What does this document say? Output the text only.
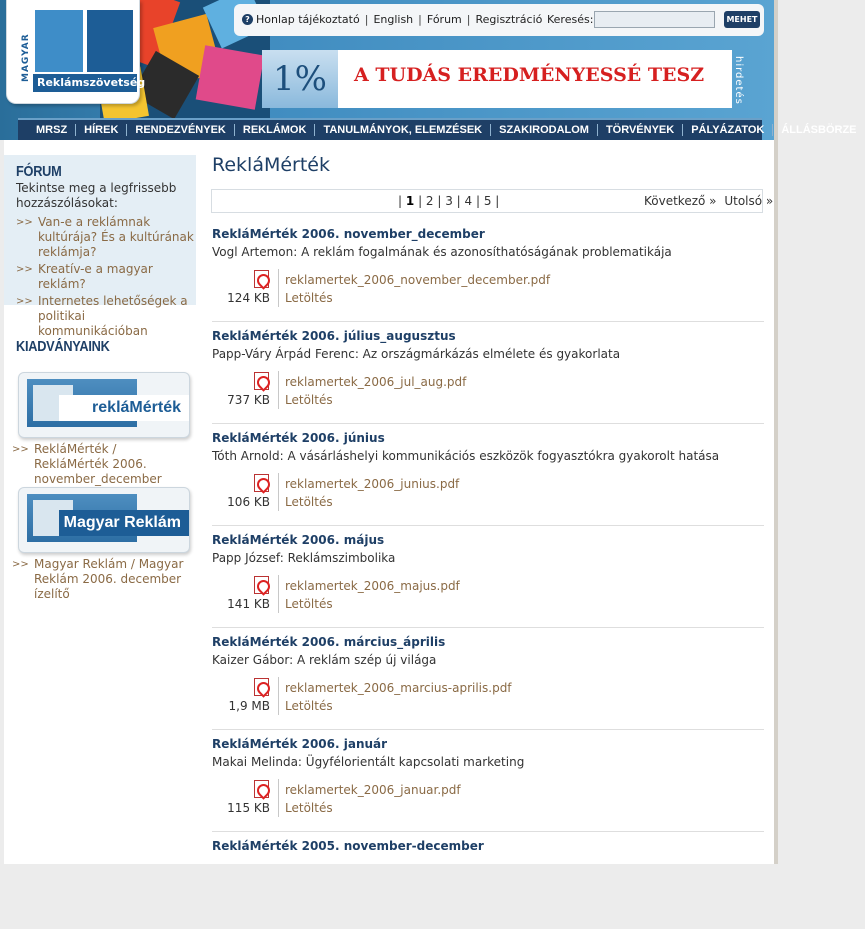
MAGYAR
Reklámszövetség
? Honlap tájékoztató | English | Fórum | Regisztráció Keresés:	MEHET
1%	A TUDÁS EREDMÉNYESSÉ TESZ	hirdetés
MRSZ	HÍREK	RENDEZVÉNYEK	REKLÁMOK	TANULMÁNYOK, ELEMZÉSEK	SZAKIRODALOM	TÖRVÉNYEK	PÁLYÁZATOK	ÁLLÁSBÖRZE
FÓRUM
Tekintse meg a legfrissebb hozzászólásokat:
>> Van-e a reklámnak kultúrája? És a kultúrának reklámja?
>> Kreatív-e a magyar reklám?
>> Internetes lehetőségek a politikai kommunikációban
KIADVÁNYAINK
rekláMérték
>> RekláMérték / RekláMérték 2006. november_december
Magyar Reklám
>> Magyar Reklám / Magyar Reklám 2006. december ízelítő
RekláMérték
| 1 | 2 | 3 | 4 | 5 |	Következő » Utolsó »
RekláMérték 2006. november_december
Vogl Artemon: A reklám fogalmának és azonosíthatóságának problematikája
reklamertek_2006_november_december.pdf
124 KB Letöltés
RekláMérték 2006. július_augusztus
Papp-Váry Árpád Ferenc: Az országmárkázás elmélete és gyakorlata
reklamertek_2006_jul_aug.pdf
737 KB Letöltés
RekláMérték 2006. június
Tóth Arnold: A vásárláshelyi kommunikációs eszközök fogyasztókra gyakorolt hatása
reklamertek_2006_junius.pdf
106 KB Letöltés
RekláMérték 2006. május
Papp József: Reklámszimbolika
reklamertek_2006_majus.pdf
141 KB Letöltés
RekláMérték 2006. március_április
Kaizer Gábor: A reklám szép új világa
reklamertek_2006_marcius-aprilis.pdf
1,9 MB Letöltés
RekláMérték 2006. január
Makai Melinda: Ügyfélorientált kapcsolati marketing
reklamertek_2006_januar.pdf
115 KB Letöltés
RekláMérték 2005. november-december
